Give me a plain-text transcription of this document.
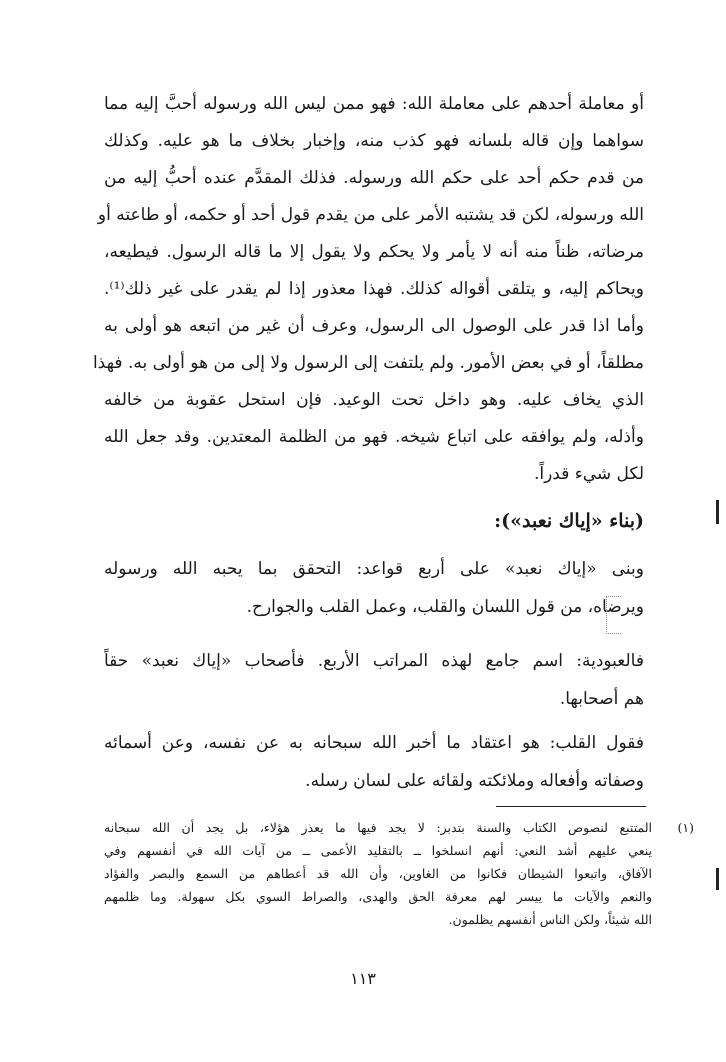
أو معاملة أحدهم على معاملة الله: فهو ممن ليس الله ورسوله أحبَّ إليه مما
سواهما وإن قاله بلسانه فهو كذب منه، وإخبار بخلاف ما هو عليه. وكذلك
من قدم حكم أحد على حكم الله ورسوله. فذلك المقدَّم عنده أحبُّ إليه من
الله ورسوله، لكن قد يشتبه الأمر على من يقدم قول أحد أو حكمه، أو طاعته أو
مرضاته، ظناً منه أنه لا يأمر ولا يحكم ولا يقول إلا ما قاله الرسول. فيطيعه،
ويحاكم إليه، و يتلقى أقواله كذلك. فهذا معذور إذا لم يقدر على غير ذلك⁽¹⁾.
وأما اذا قدر على الوصول الى الرسول، وعرف أن غير من اتبعه هو أولى به
مطلقاً، أو في بعض الأمور. ولم يلتفت إلى الرسول ولا إلى من هو أولى به. فهذا
الذي يخاف عليه. وهو داخل تحت الوعيد. فإن استحل عقوبة من خالفه
وأذله، ولم يوافقه على اتباع شيخه. فهو من الظلمة المعتدين. وقد جعل الله
لكل شيء قدراً.
(بناء «إياك نعبد»):
وبنى «إياك نعبد» على أربع قواعد: التحقق بما يحبه الله ورسوله
ويرضاه، من قول اللسان والقلب، وعمل القلب والجوارح.
فالعبودية: اسم جامع لهذه المراتب الأربع. فأصحاب «إياك نعبد» حقاً
هم أصحابها.
فقول القلب: هو اعتقاد ما أخبر الله سبحانه به عن نفسه، وعن أسمائه
وصفاته وأفعاله وملائكته ولقائه على لسان رسله.
(١)
المتتبع لنصوص الكتاب والسنة بتدبر: لا يجد فيها ما يعذر هؤلاء، بل يجد أن الله سبحانه
ينعي عليهم أشد النعي: أنهم انسلخوا ــ بالتقليد الأعمى ــ من آيات الله في أنفسهم وفي
الآفاق، واتبعوا الشيطان فكانوا من الغاوين، وأن الله قد أعطاهم من السمع والبصر والفؤاد
والنعم والآيات ما ييسر لهم معرفة الحق والهدى، والصراط السوي بكل سهولة. وما ظلمهم
الله شيئاً، ولكن الناس أنفسهم يظلمون.
١١٣
